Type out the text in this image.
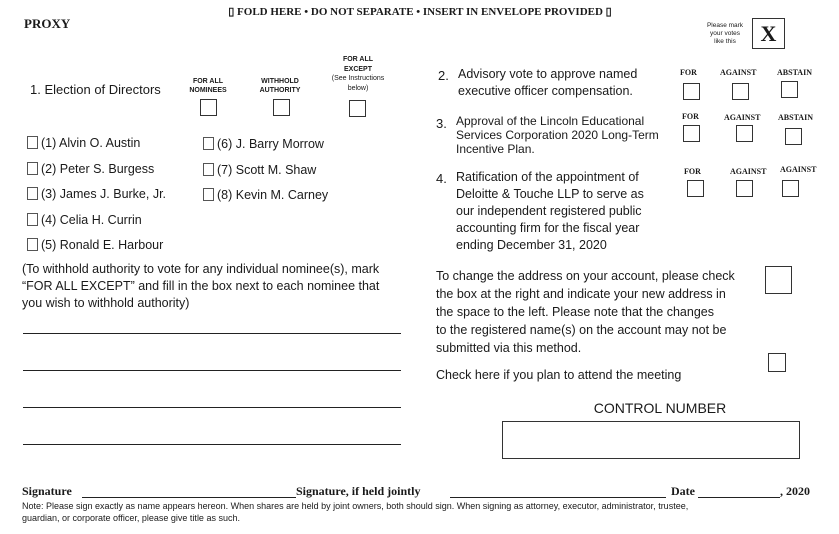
PROXY
▯ FOLD HERE • DO NOT SEPARATE • INSERT IN ENVELOPE PROVIDED ▯
Please mark
your votes
like this	X
1. Election of Directors
FOR ALL
NOMINEES
WITHHOLD
AUTHORITY
FOR ALL
EXCEPT
(See Instructions
below)
(1) Alvin O. Austin
(2) Peter S. Burgess
(3) James J. Burke, Jr.
(4) Celia H. Currin
(5) Ronald E. Harbour
(6) J. Barry Morrow
(7) Scott M. Shaw
(8) Kevin M. Carney
(To withhold authority to vote for any individual nominee(s), mark
“FOR ALL EXCEPT” and fill in the box next to each nominee that
you wish to withhold authority)
2. Advisory vote to approve named
executive officer compensation.
FOR	AGAINST	ABSTAIN
3. Approval of the Lincoln Educational
Services Corporation 2020 Long-Term
Incentive Plan.
FOR	AGAINST ABSTAIN
4. Ratification of the appointment of
Deloitte & Touche LLP to serve as
our independent registered public
accounting firm for the fiscal year
ending December 31, 2020
FOR	AGAINST AGAINST
To change the address on your account, please check
the box at the right and indicate your new address in
the space to the left. Please note that the changes
to the registered name(s) on the account may not be
submitted via this method.
Check here if you plan to attend the meeting
CONTROL NUMBER
Signature	Signature, if held jointly	Date	, 2020
Note: Please sign exactly as name appears hereon. When shares are held by joint owners, both should sign. When signing as attorney, executor, administrator, trustee,
guardian, or corporate officer, please give title as such.
